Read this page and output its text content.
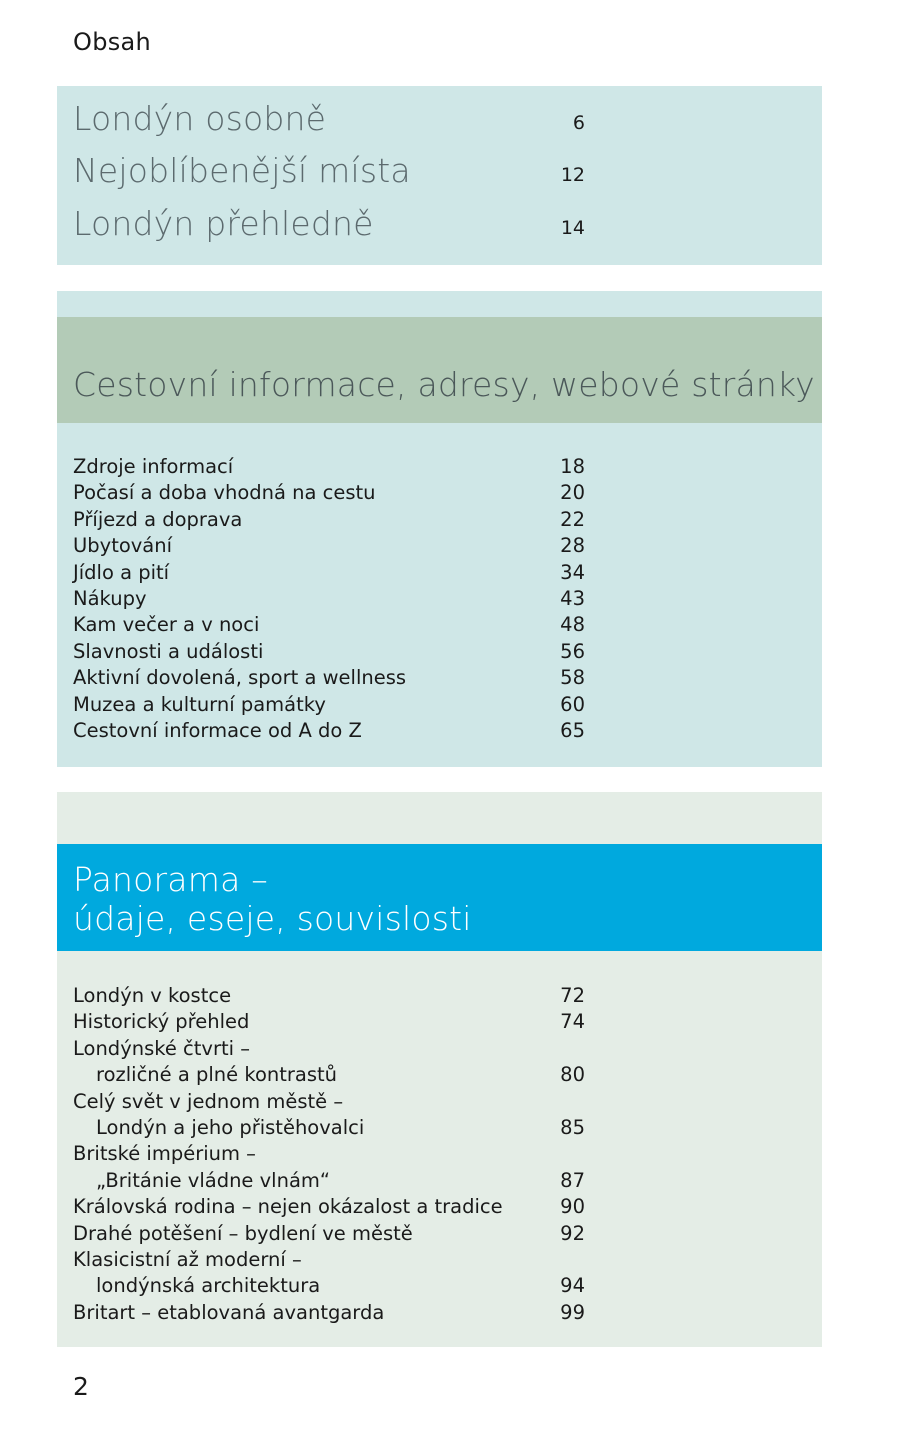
Obsah
Londýn osobně	6
Nejoblíbenější místa	12
Londýn přehledně	14
Cestovní informace, adresy, webové stránky
Zdroje informací	18
Počasí a doba vhodná na cestu	20
Příjezd a doprava	22
Ubytování	28
Jídlo a pití	34
Nákupy	43
Kam večer a v noci	48
Slavnosti a události	56
Aktivní dovolená, sport a wellness	58
Muzea a kulturní památky	60
Cestovní informace od A do Z	65
Panorama –
údaje, eseje, souvislosti
Londýn v kostce	72
Historický přehled	74
Londýnské čtvrti –
rozličné a plné kontrastů	80
Celý svět v jednom městě –
Londýn a jeho přistěhovalci	85
Britské impérium –
„Británie vládne vlnám“	87
Královská rodina – nejen okázalost a tradice	90
Drahé potěšení – bydlení ve městě	92
Klasicistní až moderní –
londýnská architektura	94
Britart – etablovaná avantgarda	99
2
